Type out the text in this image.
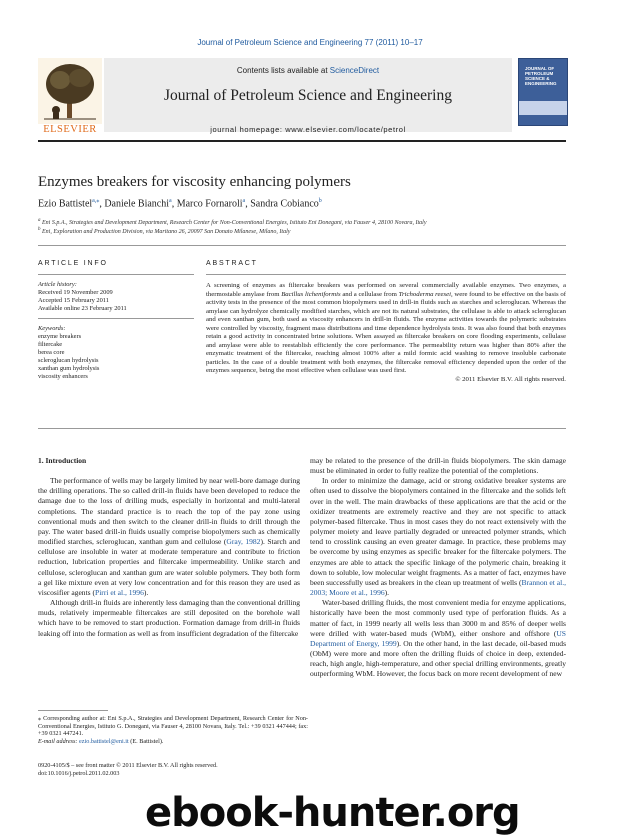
Journal of Petroleum Science and Engineering 77 (2011) 10–17
ELSEVIER
Contents lists available at ScienceDirect
Journal of Petroleum Science and Engineering
journal homepage: www.elsevier.com/locate/petrol
JOURNAL OF PETROLEUM SCIENCE & ENGINEERING
Enzymes breakers for viscosity enhancing polymers
Ezio Battistel$^{a,⁎}$, Daniele Bianchi$^a$, Marco Fornaroli$^a$, Sandra Cobianco$^b$
$^a$ Eni S.p.A., Strategies and Development Department, Research Center for Non-Conventional Energies, Istituto Eni Donegani, via Fauser 4, 28100 Novara, Italy
$^b$ Eni, Exploration and Production Division, via Maritano 26, 20097 San Donato Milanese, Milano, Italy
ARTICLE INFO
Article history:
Received 19 November 2009
Accepted 15 February 2011
Available online 23 February 2011
Keywords:
enzyme breakers
filtercake
berea core
scleroglucan hydrolysis
xanthan gum hydrolysis
viscosity enhancers
ABSTRACT
A screening of enzymes as filtercake breakers was performed on several commercially available enzymes. Two enzymes, a thermostable amylase from Bacillus licheniformis and a cellulase from Trichoderma reesei, were found to be effective on the basis of activity tests in the presence of the most common biopolymers used in drill-in fluids such as starches and scleroglucan. Whereas the amylase can hydrolyze chemically modified starches, which are not its natural substrates, the cellulase is able to attack scleroglucan and even xanthan gum, both used as viscosity enhancers in drill-in fluids. The enzyme activities towards the polymeric substrates were controlled by viscosity, fragment mass distributions and time dependence hydrolysis tests. It was also found that both enzymes retain a good activity in concentrated brine solutions. When assayed as filtercake breakers on core flooding experiments, cellulase and amylase were able to reestablish efficiently the core performance. The permeability return was higher than 80% after the enzymatic treatment of the filtercake, reaching almost 100% after a mild formic acid washing to remove insoluble carbonate particles. In the case of a double treatment with both enzymes, the filtercake removal efficiency depended upon the order of the enzymes sequence, being the most effective when cellulase was used first.
© 2011 Elsevier B.V. All rights reserved.

1. Introduction

The performance of wells may be largely limited by near well-bore damage during the drilling operations. The so called drill-in fluids have been developed to reduce the damage due to the loss of drilling muds, especially in horizontal and multi-lateral completions. The standard practice is to reach the top of the pay zone using conventional muds and then switch to the cleaner drill-in fluids to drill through the pay. The water based drill-in fluids usually comprise biopolymers such as chemically modified starches, scleroglucan, xanthan gum and cellulose (Gray, 1982). Starch and cellulose are insoluble in water at moderate temperature and contribute to friction reduction, lubrication properties and filtercake impermeability. Unlike starch and cellulose, scleroglucan and xanthan gum are water soluble polymers. They both form a gel like mixture even at very low concentration and for this reason they are used as viscosifier agents (Pirri et al., 1996).

Although drill-in fluids are inherently less damaging than the conventional drilling muds, relatively impermeable filtercakes are still deposited on the borehole wall which have to be removed to start production. Formation damage from drill-in fluids leaking off into the formation as well as from insufficient degradation of the filtercake

may be related to the presence of the drill-in fluids biopolymers. The skin damage must be eliminated in order to fully realize the potential of the completions.

In order to minimize the damage, acid or strong oxidative breaker systems are often used to dissolve the biopolymers contained in the filtercake and the solids left over in the well. The main drawbacks of these applications are that the acid or the oxidizer treatments are extremely reactive and they are not specific to attack polymer-based filtercake. Thus in most cases they do not react extensively with the polymer moiety and leave partially degraded or unreacted polymer strands, which tend to crosslink causing an even greater damage. In practice, these problems may be overcome by using enzymes as specific breaker for the filtercake polymers. The enzymes are able to attack the specific linkage of the polymeric chain, breaking it down to soluble, low molecular weight fragments. As a matter of fact, enzymes have been successfully used as breakers in the clean up treatment of wells (Brannon et al., 2003; Moore et al., 1996).

Water-based drilling fluids, the most convenient media for enzyme applications, historically have been the most commonly used type of perforation fluids. As a matter of fact, in 1999 nearly all wells less than 3000 m and 85% of deeper wells were drilled with water-based muds (WbM), either onshore and offshore (US Department of Energy, 1999). On the other hand, in the last decade, oil-based muds (ObM) were more and more often the drilling fluids of choice in deep, extended-reach, high angle, high-temperature, and other special drilling environments, greatly outperforming WbM. However, the focus back on more recent development of new

⁎ Corresponding author at: Eni S.p.A., Strategies and Development Department, Research Center for Non-Conventional Energies, Istituto G. Donegani, via Fauser 4, 28100 Novara, Italy. Tel.: +39 0321 447444; fax: +39 0321 447241.
E-mail address: ezio.battistel@eni.it (E. Battistel).
0920-4105/$ – see front matter © 2011 Elsevier B.V. All rights reserved.
doi:10.1016/j.petrol.2011.02.003
ebook-hunter.org
